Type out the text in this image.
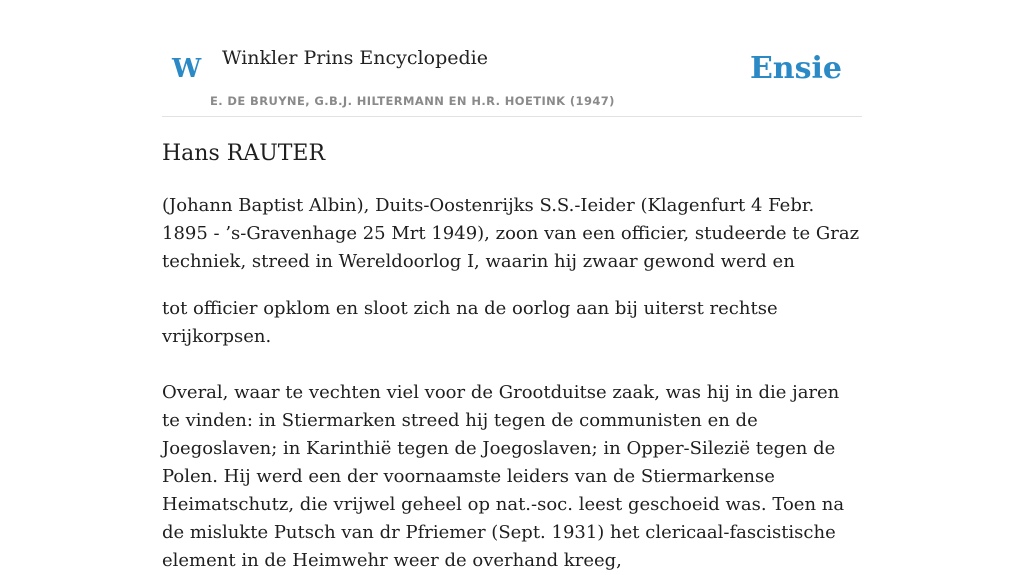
W Winkler Prins Encyclopedie
E. DE BRUYNE, G.B.J. HILTERMANN EN H.R. HOETINK (1947)
Ensie
Hans RAUTER

(Johann Baptist Albin), Duits-Oostenrijks S.S.-Ieider (Klagenfurt 4 Febr. 1895 - ’s-Gravenhage 25 Mrt 1949), zoon van een officier, studeerde te Graz techniek, streed in Wereldoorlog I, waarin hij zwaar gewond werd en

tot officier opklom en sloot zich na de oorlog aan bij uiterst rechtse vrijkorpsen.

Overal, waar te vechten viel voor de Grootduitse zaak, was hij in die jaren te vinden: in Stiermarken streed hij tegen de communisten en de Joegoslaven; in Karinthië tegen de Joegoslaven; in Opper-Silezië tegen de Polen. Hij werd een der voornaamste leiders van de Stiermarkense Heimatschutz, die vrijwel geheel op nat.-soc. leest geschoeid was. Toen na de mislukte Putsch van dr Pfriemer (Sept. 1931) het clericaal-fascistische element in de Heimwehr weer de overhand kreeg,
